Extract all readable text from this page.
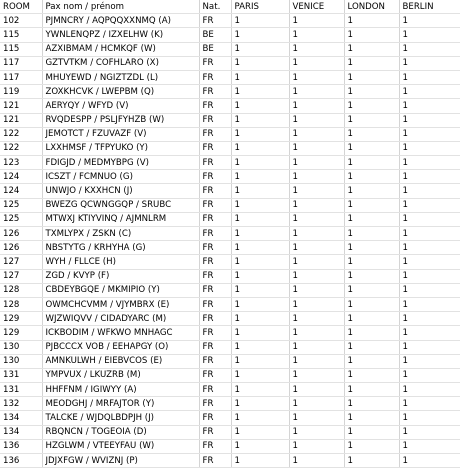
ROOM	Pax nom / prénom	Nat.	PARIS	VENICE	LONDON	BERLIN
102	PJMNCRY / AQPQQXXNMQ (A)	FR	1	1	1	1
115	YWNLENQPZ / IZXELHW (K)	BE	1	1	1	1
115	AZXIBMAM / HCMKQF (W)	BE	1	1	1	1
117	GZTVTKM / COFHLARO (X)	FR	1	1	1	1
117	MHUYEWD / NGIZTZDL (L)	FR	1	1	1	1
119	ZOXKHCVK / LWEPBM (Q)	FR	1	1	1	1
121	AERYQY / WFYD (V)	FR	1	1	1	1
121	RVQDESPP / PSLJFYHZB (W)	FR	1	1	1	1
122	JEMOTCT / FZUVAZF (V)	FR	1	1	1	1
122	LXXHMSF / TFPYUKO (Y)	FR	1	1	1	1
123	FDIGJD / MEDMYBPG (V)	FR	1	1	1	1
124	ICSZT / FCMNUO (G)	FR	1	1	1	1
124	UNWJO / KXXHCN (J)	FR	1	1	1	1
125	BWEZG QCWNGGQP / SRUBC	FR	1	1	1	1
125	MTWXJ KTIYVINQ / AJMNLRM	FR	1	1	1	1
126	TXMLYPX / ZSKN (C)	FR	1	1	1	1
126	NBSTYTG / KRHYHA (G)	FR	1	1	1	1
127	WYH / FLLCE (H)	FR	1	1	1	1
127	ZGD / KVYP (F)	FR	1	1	1	1
128	CBDEYBGQE / MKMIPIO (Y)	FR	1	1	1	1
128	OWMCHCVMM / VJYMBRX (E)	FR	1	1	1	1
129	WJZWIQVV / CIDADYARC (M)	FR	1	1	1	1
129	ICKBODIM / WFKWO MNHAGC	FR	1	1	1	1
130	PJBCCCX VOB / EEHAPGY (O)	FR	1	1	1	1
130	AMNKULWH / EIEBVCOS (E)	FR	1	1	1	1
131	YMPVUX / LKUZRB (M)	FR	1	1	1	1
131	HHFFNM / IGIWYY (A)	FR	1	1	1	1
132	MEODGHJ / MRFAJTOR (Y)	FR	1	1	1	1
134	TALCKE / WJDQLBDPJH (J)	FR	1	1	1	1
134	RBQNCN / TOGEOIA (D)	FR	1	1	1	1
136	HZGLWM / VTEEYFAU (W)	FR	1	1	1	1
136	JDJXFGW / WVIZNJ (P)	FR	1	1	1	1
